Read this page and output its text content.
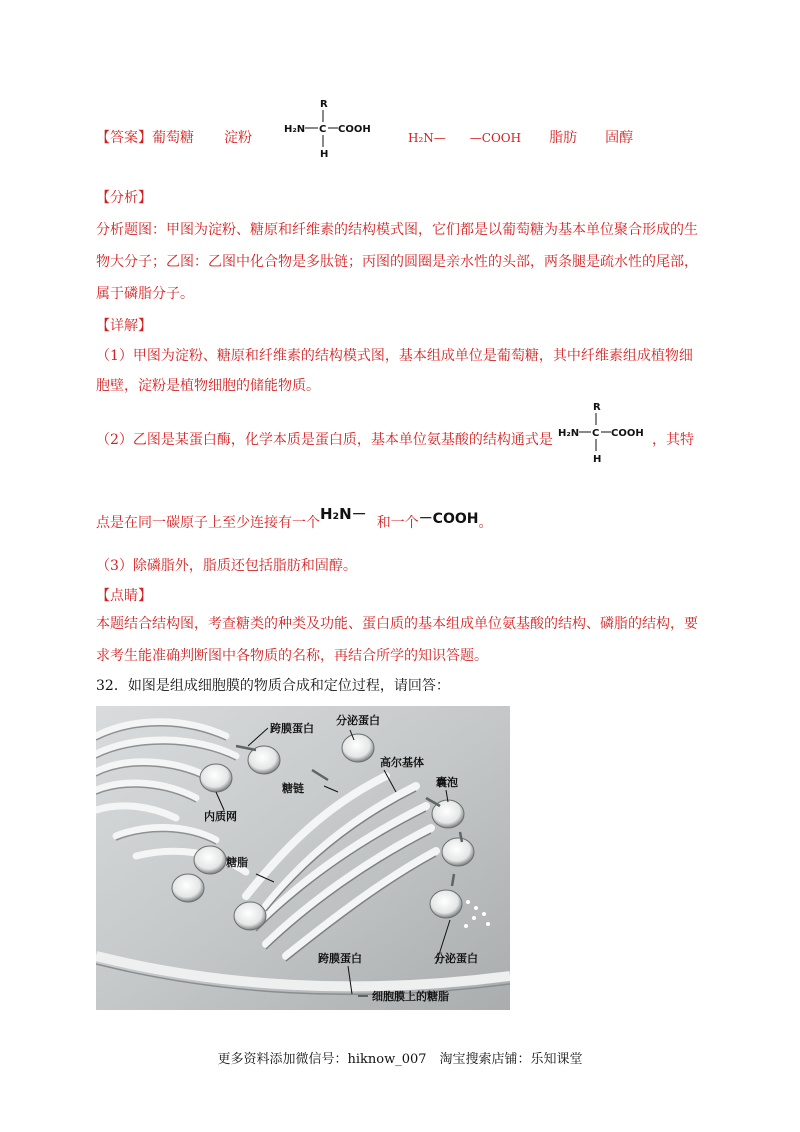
【答案】葡萄糖 淀粉
R
H₂N C COOH
H
H₂N— —COOH 脂肪 固醇
【分析】
分析题图：甲图为淀粉、糖原和纤维素的结构模式图，它们都是以葡萄糖为基本单位聚合形成的生
物大分子；乙图：乙图中化合物是多肽链；丙图的圆圈是亲水性的头部，两条腿是疏水性的尾部，
属于磷脂分子。
【详解】
（1）甲图为淀粉、糖原和纤维素的结构模式图，基本组成单位是葡萄糖，其中纤维素组成植物细
胞壁，淀粉是植物细胞的储能物质。
（2）乙图是某蛋白酶，化学本质是蛋白质，基本单位氨基酸的结构通式是
R
H₂N C COOH
H
，其特
点是在同一碳原子上至少连接有一个H₂N－ 和一个－COOH。
（3）除磷脂外，脂质还包括脂肪和固醇。
【点睛】
本题结合结构图，考查糖类的种类及功能、蛋白质的基本组成单位氨基酸的结构、磷脂的结构，要
求考生能准确判断图中各物质的名称，再结合所学的知识答题。
32．如图是组成细胞膜的物质合成和定位过程，请回答：
跨膜蛋白
分泌蛋白
高尔基体
糖链	囊泡
内质网
糖脂
跨膜蛋白	分泌蛋白
细胞膜上的糖脂
更多资料添加微信号：hiknow_007　淘宝搜索店铺：乐知课堂
